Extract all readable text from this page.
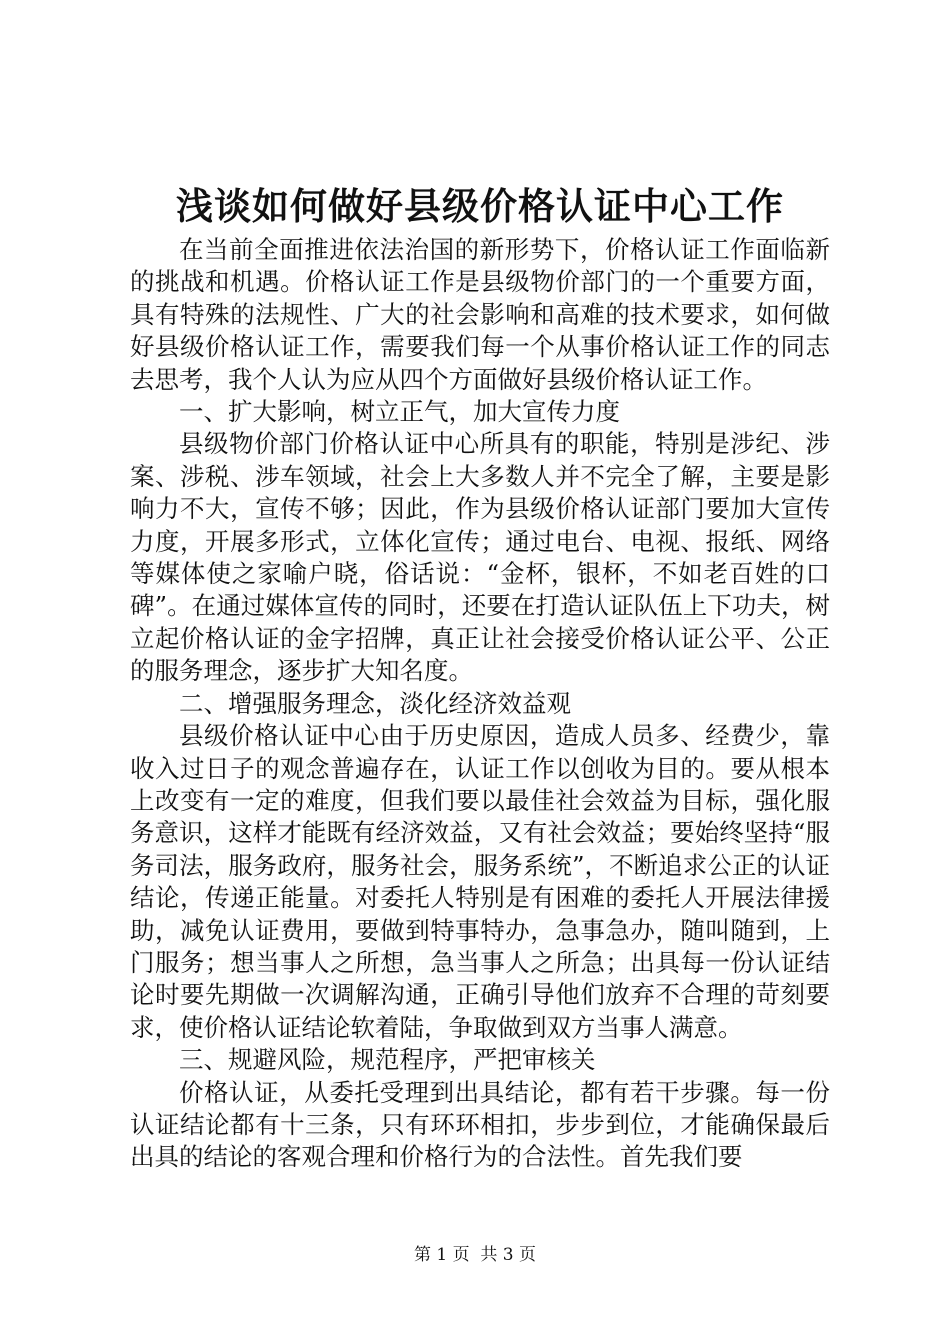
浅谈如何做好县级价格认证中心工作

在当前全面推进依法治国的新形势下，价格认证工作面临新的挑战和机遇。价格认证工作是县级物价部门的一个重要方面，具有特殊的法规性、广大的社会影响和高难的技术要求，如何做好县级价格认证工作，需要我们每一个从事价格认证工作的同志去思考，我个人认为应从四个方面做好县级价格认证工作。

一、扩大影响，树立正气，加大宣传力度

县级物价部门价格认证中心所具有的职能，特别是涉纪、涉案、涉税、涉车领域，社会上大多数人并不完全了解，主要是影响力不大，宣传不够；因此，作为县级价格认证部门要加大宣传力度，开展多形式，立体化宣传；通过电台、电视、报纸、网络等媒体使之家喻户晓，俗话说：“金杯，银杯，不如老百姓的口碑”。在通过媒体宣传的同时，还要在打造认证队伍上下功夫，树立起价格认证的金字招牌，真正让社会接受价格认证公平、公正的服务理念，逐步扩大知名度。

二、增强服务理念，淡化经济效益观

县级价格认证中心由于历史原因，造成人员多、经费少，靠收入过日子的观念普遍存在，认证工作以创收为目的。要从根本上改变有一定的难度，但我们要以最佳社会效益为目标，强化服务意识，这样才能既有经济效益，又有社会效益；要始终坚持“服务司法，服务政府，服务社会，服务系统”，不断追求公正的认证结论，传递正能量。对委托人特别是有困难的委托人开展法律援助，减免认证费用，要做到特事特办，急事急办，随叫随到，上门服务；想当事人之所想，急当事人之所急；出具每一份认证结论时要先期做一次调解沟通，正确引导他们放弃不合理的苛刻要求，使价格认证结论软着陆，争取做到双方当事人满意。

三、规避风险，规范程序，严把审核关

价格认证，从委托受理到出具结论，都有若干步骤。每一份认证结论都有十三条，只有环环相扣，步步到位，才能确保最后出具的结论的客观合理和价格行为的合法性。首先我们要

第 1 页  共 3 页
